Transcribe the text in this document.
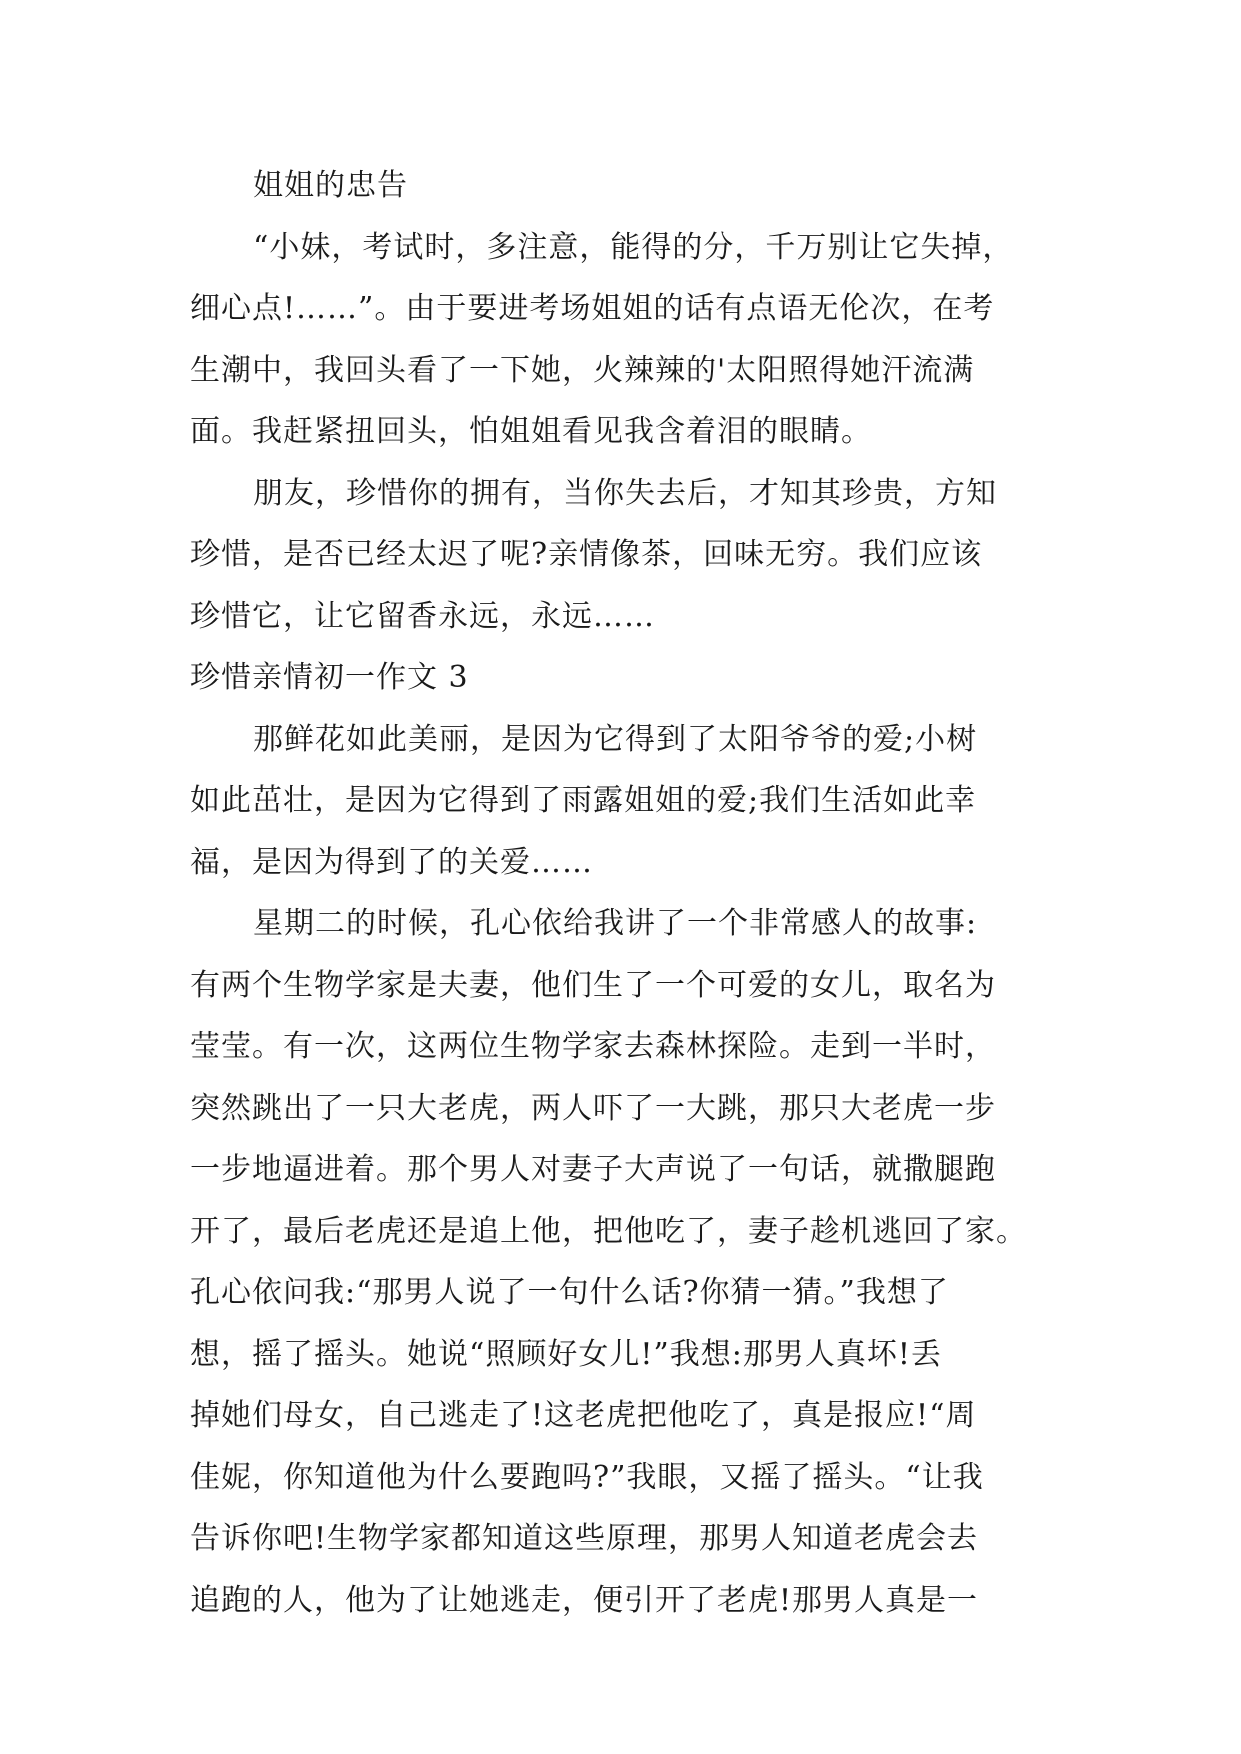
姐姐的忠告
“小妹，考试时，多注意，能得的分，千万别让它失掉，
细心点!……”。由于要进考场姐姐的话有点语无伦次，在考
生潮中，我回头看了一下她，火辣辣的'太阳照得她汗流满
面。我赶紧扭回头，怕姐姐看见我含着泪的眼睛。
朋友，珍惜你的拥有，当你失去后，才知其珍贵，方知
珍惜，是否已经太迟了呢?亲情像茶，回味无穷。我们应该
珍惜它，让它留香永远，永远……
珍惜亲情初一作文 3
那鲜花如此美丽，是因为它得到了太阳爷爷的爱;小树
如此茁壮，是因为它得到了雨露姐姐的爱;我们生活如此幸
福，是因为得到了的关爱……
星期二的时候，孔心依给我讲了一个非常感人的故事:
有两个生物学家是夫妻，他们生了一个可爱的女儿，取名为
莹莹。有一次，这两位生物学家去森林探险。走到一半时，
突然跳出了一只大老虎，两人吓了一大跳，那只大老虎一步
一步地逼进着。那个男人对妻子大声说了一句话，就撒腿跑
开了，最后老虎还是追上他，把他吃了，妻子趁机逃回了家。
孔心依问我:“那男人说了一句什么话?你猜一猜。”我想了
想，摇了摇头。她说“照顾好女儿!”我想:那男人真坏!丢
掉她们母女，自己逃走了!这老虎把他吃了，真是报应!“周
佳妮，你知道他为什么要跑吗?”我眼，又摇了摇头。“让我
告诉你吧!生物学家都知道这些原理，那男人知道老虎会去
追跑的人，他为了让她逃走，便引开了老虎!那男人真是一
